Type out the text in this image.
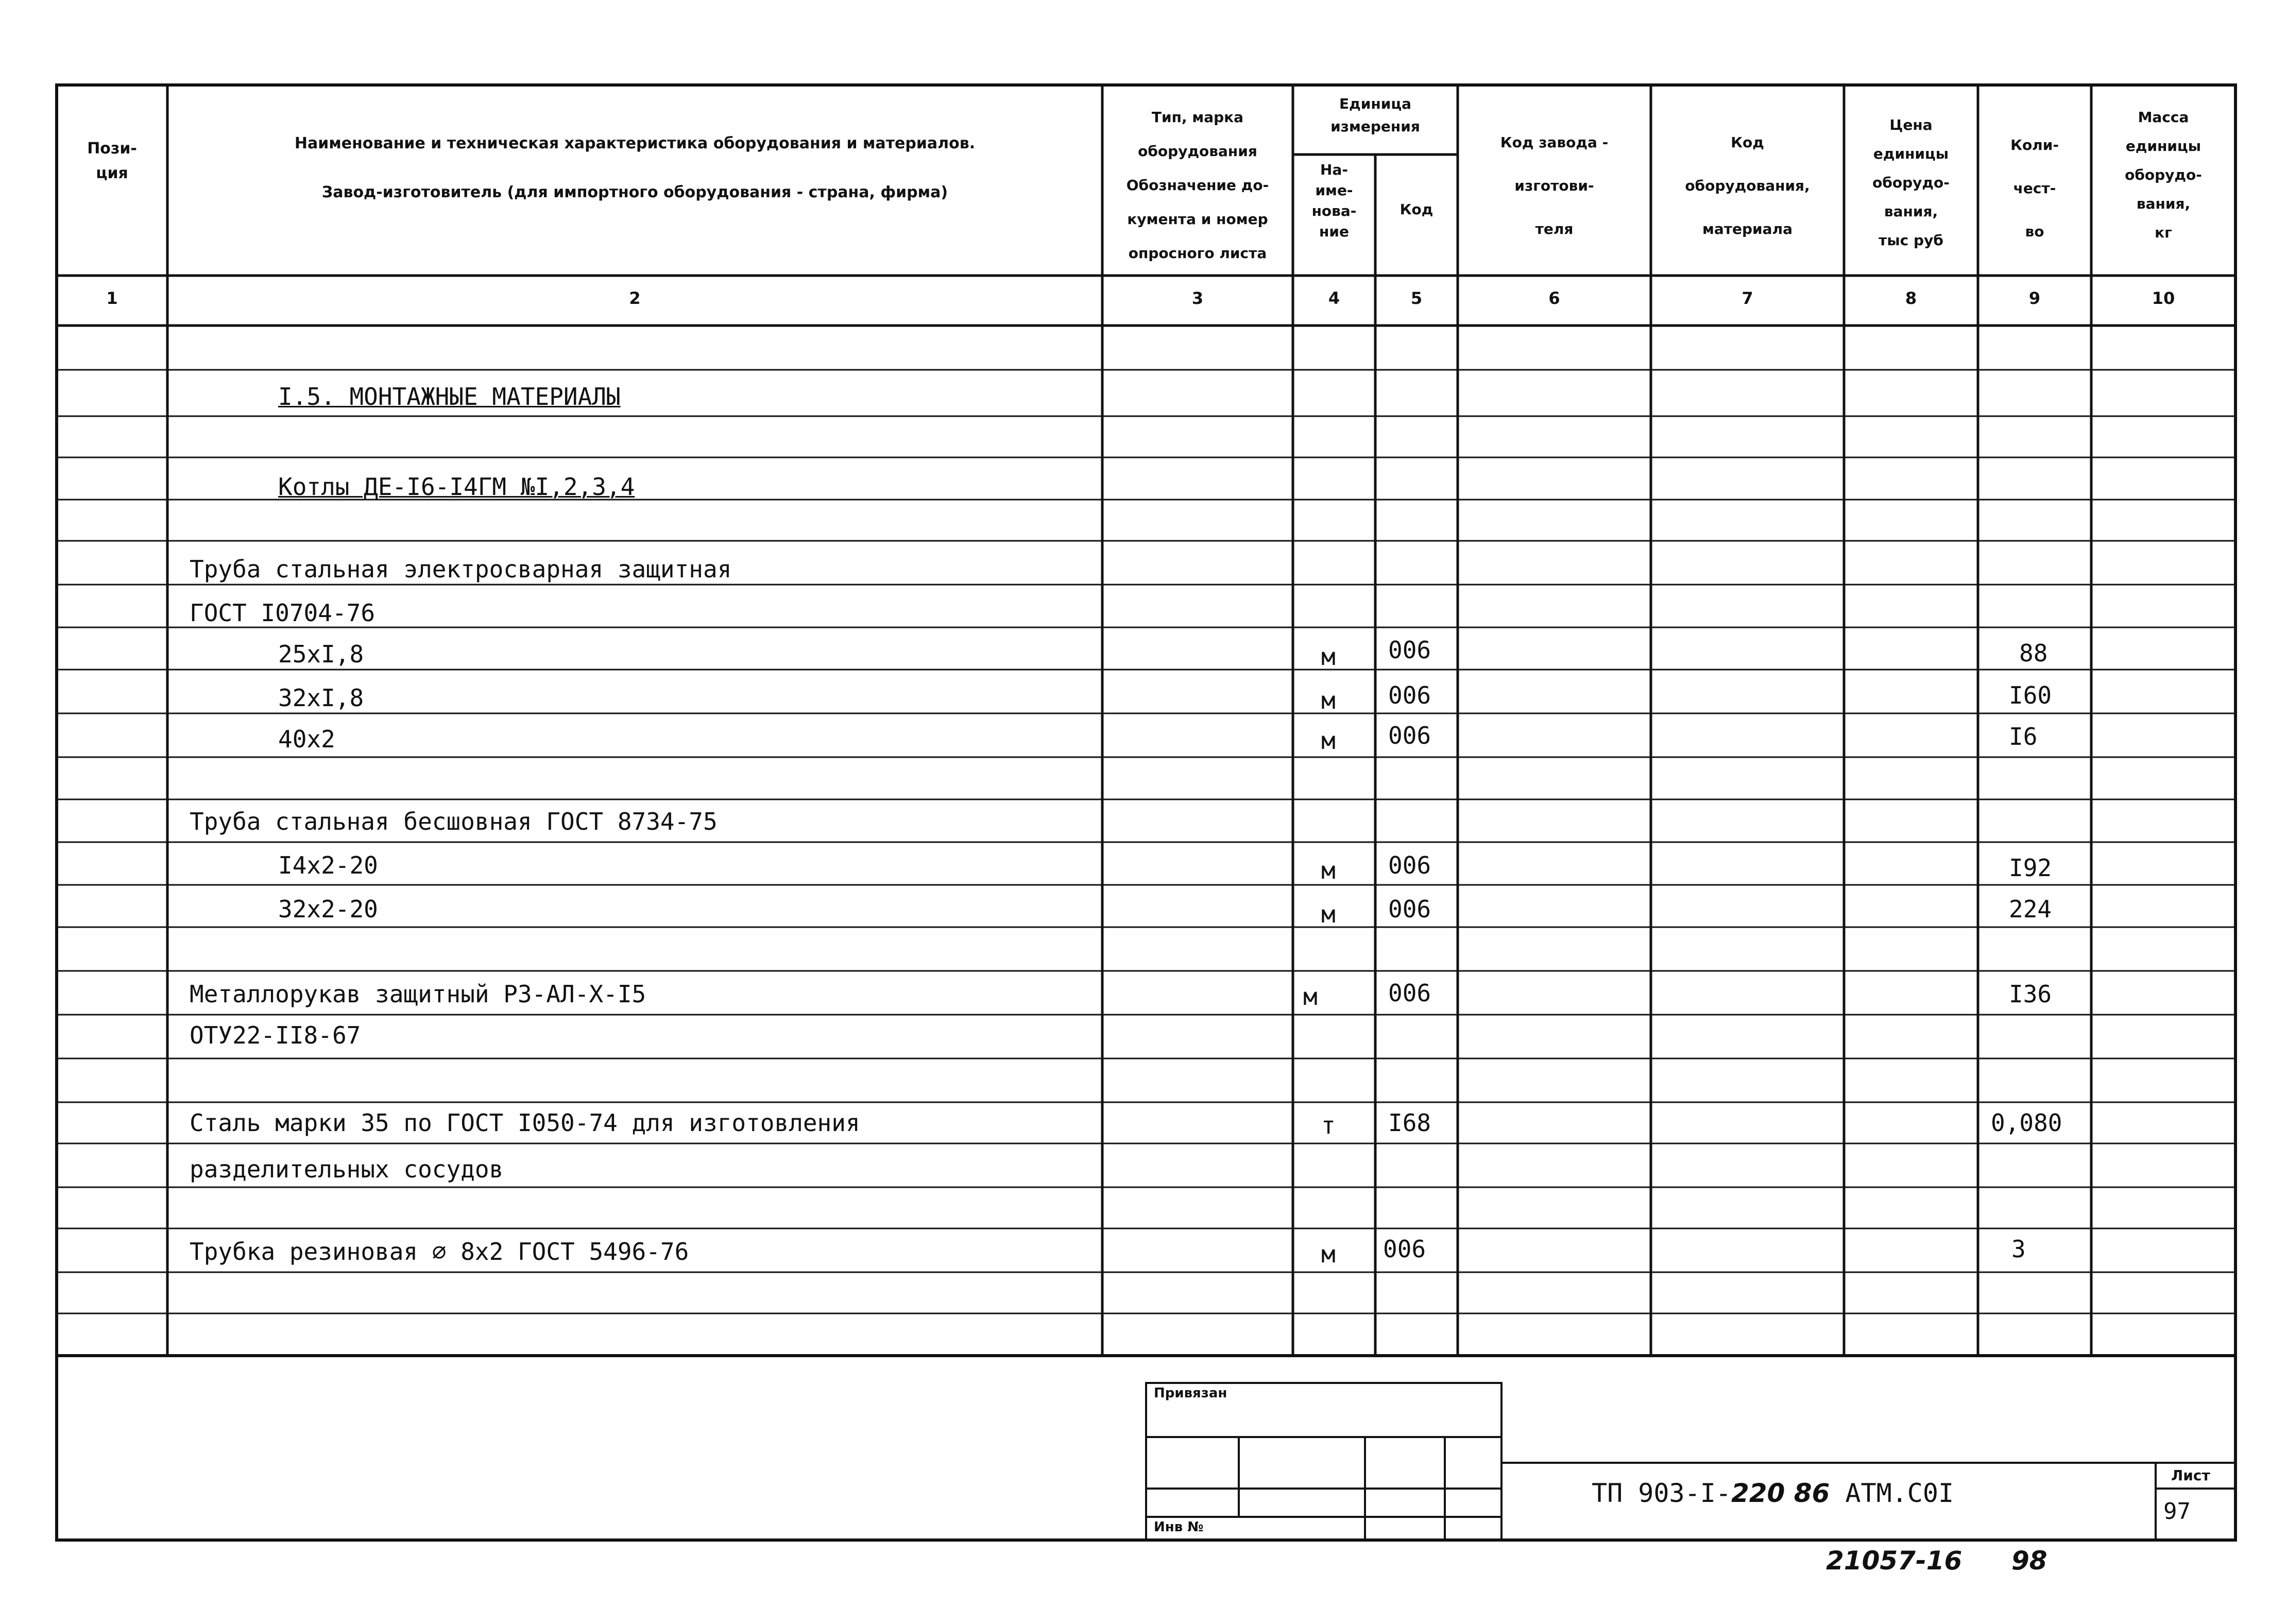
Пози-
ция
Наименование и техническая характеристика оборудования и материалов.
Завод-изготовитель (для импортного оборудования - страна, фирма)
Тип, марка
оборудования
Обозначение до-
кумента и номер
опросного листа
Единица
измерения
На-
име-
нова-
ние
Код
Код завода -
изготови-
теля
Код
оборудования,
материала
Цена
единицы
оборудо-
вания,
тыс руб
Коли-
чест-
во
Масса
единицы
оборудо-
вания,
кг
1	2	3	4	5	6	7	8	9	10
I.5. МОНТАЖНЫЕ МАТЕРИАЛЫ
Котлы ДЕ-I6-I4ГМ №I,2,3,4
Труба стальная электросварная защитная
ГОСТ I0704-76
25хI,8	м 006	88
32хI,8	м 006	I60
40х2	м 006	I6
Труба стальная бесшовная ГОСТ 8734-75
I4х2-20	м 006	I92
32х2-20	м 006	224
Металлорукав защитный РЗ-АЛ-Х-I5	м	006	I36
ОТУ22-II8-67
Сталь марки 35 по ГОСТ I050-74 для изготовления	т I68	0,080
разделительных сосудов
Трубка резиновая ∅ 8х2 ГОСТ 5496-76	м 006	3
Привязан
Инв №
ТП 903-I-220 86 АТМ.С0I
Лист
97
21057-16 98
